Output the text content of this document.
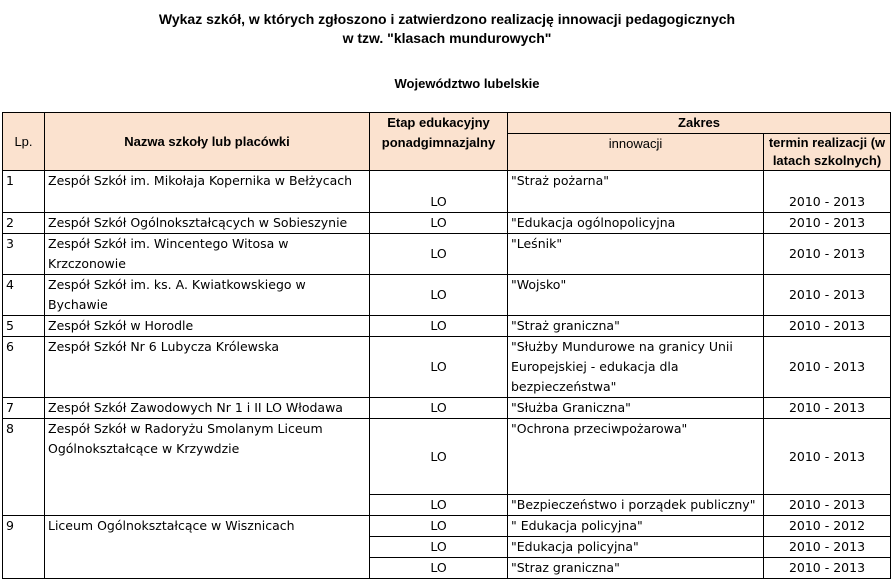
Wykaz szkół, w których zgłoszono i zatwierdzono realizację innowacji pedagogicznych
w tzw. "klasach mundurowych"
Województwo lubelskie
Lp.	Nazwa szkoły lub placówki	Etap edukacyjny ponadgimnazjalny	Zakres	
			innowacji	termin realizacji (w latach szkolnych)
1	Zespół Szkół im. Mikołaja Kopernika w Bełżycach	LO	"Straż pożarna"	2010 - 2013
2	Zespół Szkół Ogólnokształcących w Sobieszynie	LO	"Edukacja ogólnopolicyjna	2010 - 2013
3	Zespół Szkół im. Wincentego Witosa w Krzczonowie	LO	"Leśnik"	2010 - 2013
4	Zespół Szkół im. ks. A. Kwiatkowskiego w Bychawie	LO	"Wojsko"	2010 - 2013
5	Zespół Szkół w Horodle	LO	"Straż graniczna"	2010 - 2013
6	Zespół Szkół Nr 6 Lubycza Królewska	LO	"Służby Mundurowe na granicy Unii Europejskiej - edukacja dla bezpieczeństwa"	2010 - 2013
7	Zespół Szkół Zawodowych Nr 1 i II LO Włodawa	LO	"Służba Graniczna"	2010 - 2013
8	Zespół Szkół w Radoryżu Smolanym Liceum Ogólnokształcące w Krzywdzie	LO	"Ochrona przeciwpożarowa"	2010 - 2013
		LO	"Bezpieczeństwo i porządek publiczny"	2010 - 2013
9	Liceum Ogólnokształcące w Wisznicach	LO	" Edukacja policyjna"	2010 - 2012
		LO	"Edukacja policyjna"	2010 - 2013
		LO	"Straz graniczna"	2010 - 2013
